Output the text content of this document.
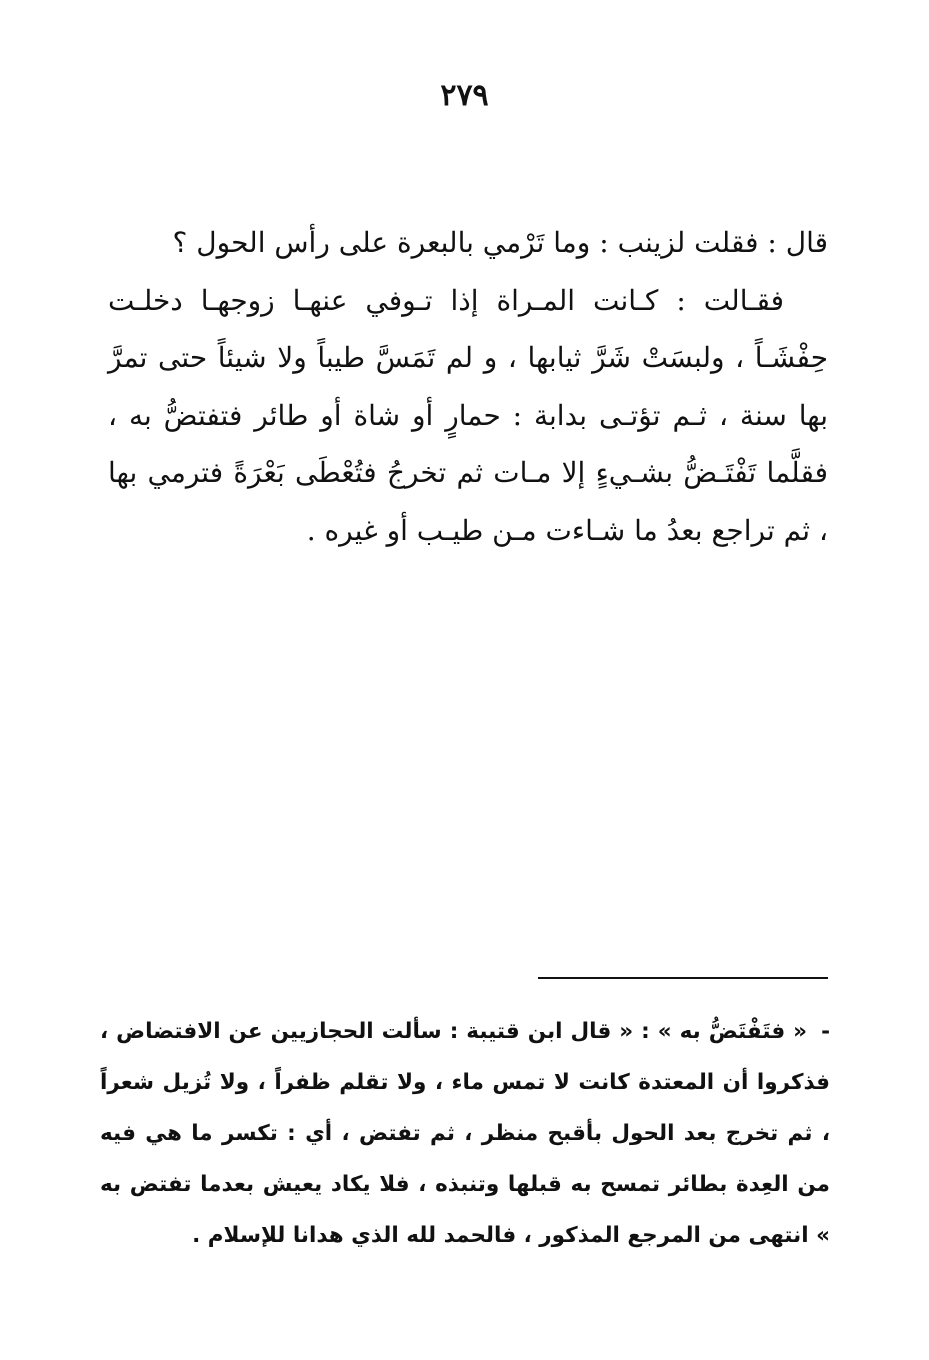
٢٧٩

قال : فقلت لزينب : وما تَرْمي بالبعرة على رأس الحول ؟

فقـالت : كـانت المـراة إذا تـوفي عنهـا زوجهـا دخلـت حِفْشَـاً ، ولبسَتْ شَرَّ ثيابها ، و لم تَمَسَّ طيباً ولا شيئاً حتى تمرَّ بها سنة ، ثـم تؤتـى بدابة : حمارٍ أو شاة أو طائر فتفتضُّ به ، فقلَّما تَفْتَـضُّ بشـيءٍ إلا مـات ثم تخرجُ فتُعْطَى بَعْرَةً فترمي بها ، ثم تراجع بعدُ ما شـاءت مـن طيـب أو غيره .

-« فتَفْتَضُّ به » : « قال ابن قتيبة : سألت الحجازيين عن الافتضاض ، فذكروا أن المعتدة كانت لا تمس ماء ، ولا تقلم ظفراً ، ولا تُزيل شعراً ، ثم تخرج بعد الحول بأقبح منظر ، ثم تفتض ، أي : تكسر ما هي فيه من العِدة بطائر تمسح به قبلها وتنبذه ، فلا يكاد يعيش بعدما تفتض به » انتهى من المرجع المذكور ، فالحمد لله الذي هدانا للإسلام .
